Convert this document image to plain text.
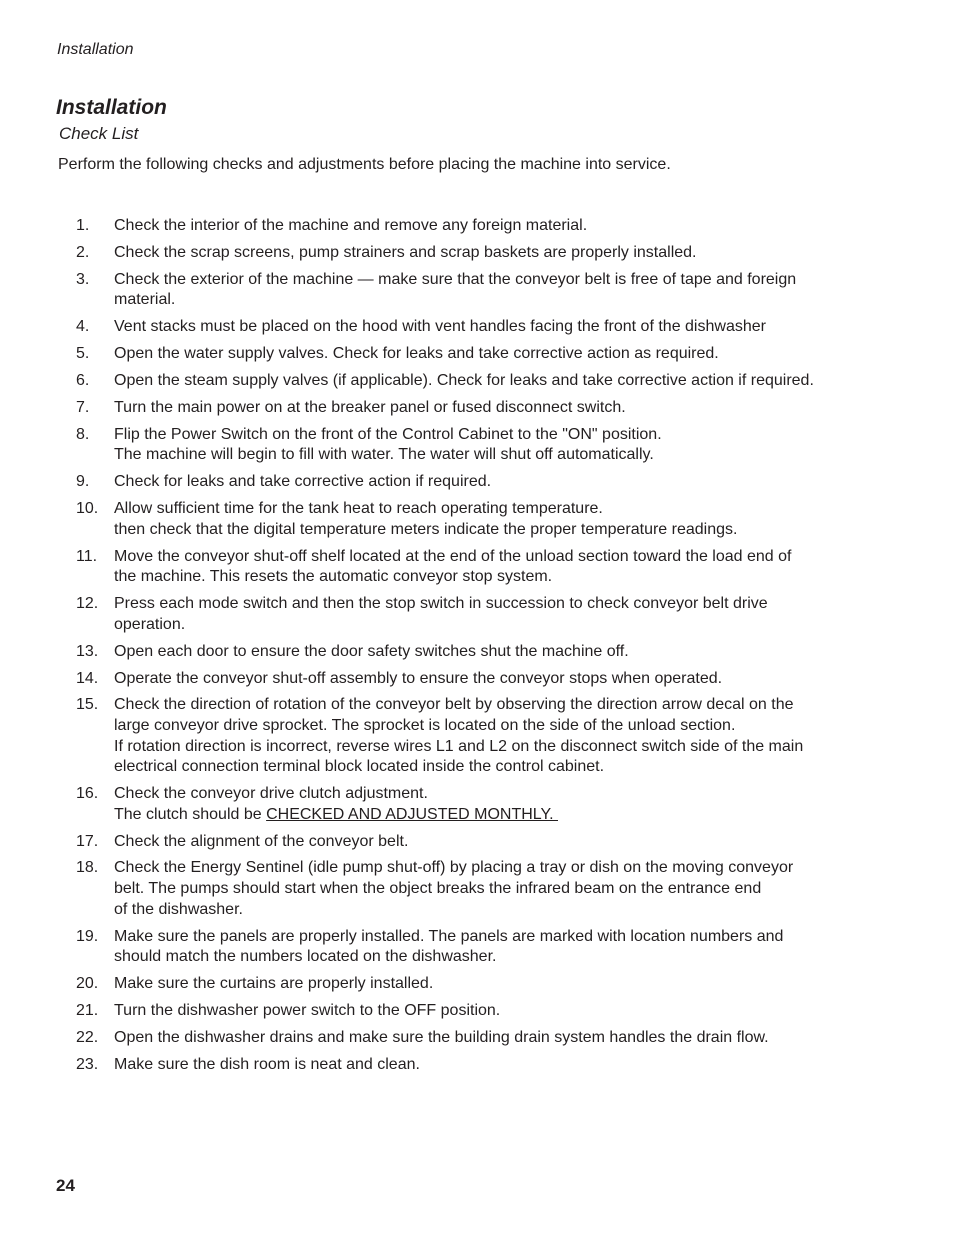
Installation
Installation
Check List
Perform the following checks and adjustments before placing the machine into service.
1.	Check the interior of the machine and remove any foreign material.
2.	Check the scrap screens, pump strainers and scrap baskets are properly installed.
3.	Check the exterior of the machine — make sure that the conveyor belt is free of tape and foreign
material.
4.	Vent stacks must be placed on the hood with vent handles facing the front of the dishwasher
5.	Open the water supply valves. Check for leaks and take corrective action as required.
6.	Open the steam supply valves (if applicable). Check for leaks and take corrective action if required.
7.	Turn the main power on at the breaker panel or fused disconnect switch.
8.	Flip the Power Switch on the front of the Control Cabinet to the "ON" position.
The machine will begin to fill with water. The water will shut off automatically.
9.	Check for leaks and take corrective action if required.
10. Allow sufficient time for the tank heat to reach operating temperature.
then check that the digital temperature meters indicate the proper temperature readings.
11.	Move the conveyor shut-off shelf located at the end of the unload section toward the load end of
the machine. This resets the automatic conveyor stop system.
12. Press each mode switch and then the stop switch in succession to check conveyor belt drive
operation.
13. Open each door to ensure the door safety switches shut the machine off.
14. Operate the conveyor shut-off assembly to ensure the conveyor stops when operated.
15. Check the direction of rotation of the conveyor belt by observing the direction arrow decal on the
large conveyor drive sprocket. The sprocket is located on the side of the unload section.
If rotation direction is incorrect, reverse wires L1 and L2 on the disconnect switch side of the main
electrical connection terminal block located inside the control cabinet.
16. Check the conveyor drive clutch adjustment.
The clutch should be CHECKED AND ADJUSTED MONTHLY.
17. Check the alignment of the conveyor belt.
18. Check the Energy Sentinel (idle pump shut-off) by placing a tray or dish on the moving conveyor
belt. The pumps should start when the object breaks the infrared beam on the entrance end
of the dishwasher.
19. Make sure the panels are properly installed. The panels are marked with location numbers and
should match the numbers located on the dishwasher.
20. Make sure the curtains are properly installed.
21. Turn the dishwasher power switch to the OFF position.
22. Open the dishwasher drains and make sure the building drain system handles the drain flow.
23. Make sure the dish room is neat and clean.
24
